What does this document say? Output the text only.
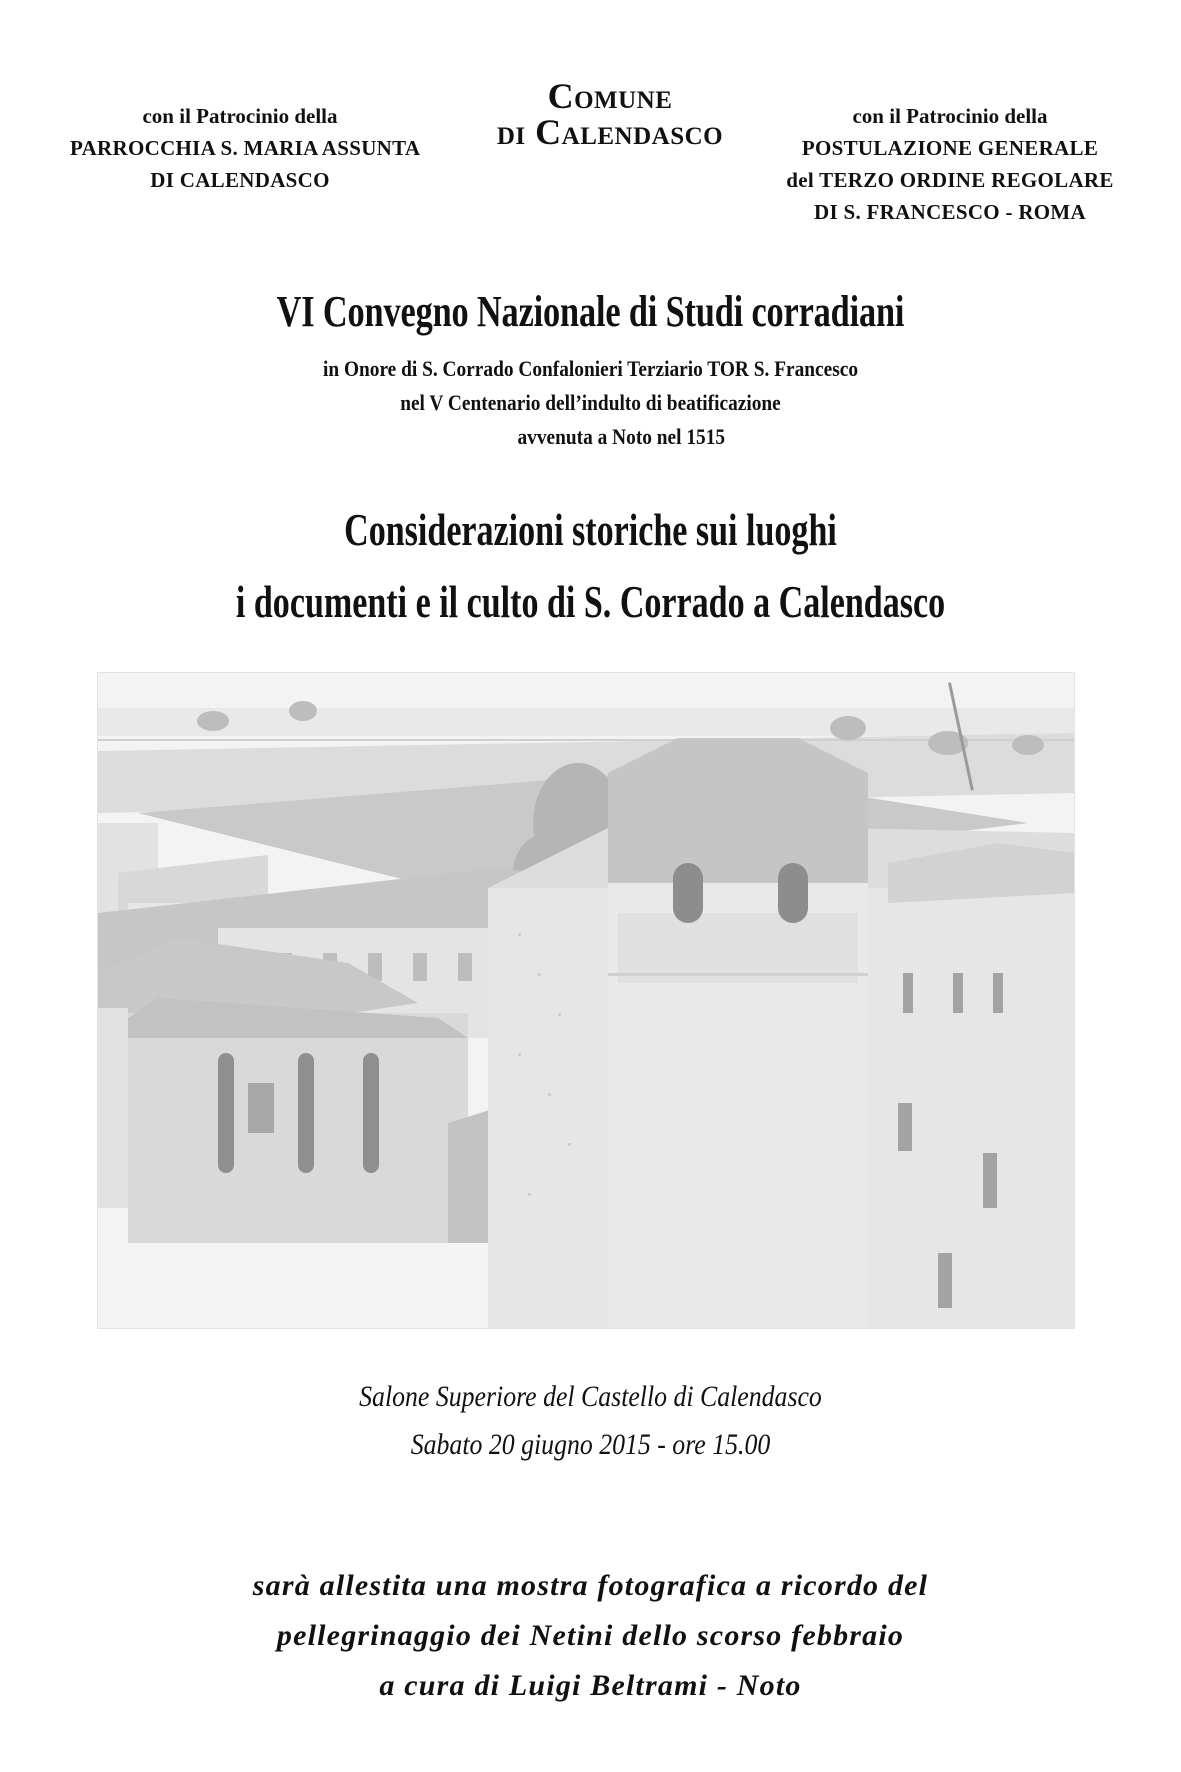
con il Patrocinio della
PARROCCHIA S. MARIA ASSUNTA
DI CALENDASCO
Comune
di Calendasco	con il Patrocinio della
POSTULAZIONE GENERALE
del TERZO ORDINE REGOLARE
DI S. FRANCESCO - ROMA
VI Convegno Nazionale di Studi corradiani
in Onore di S. Corrado Confalonieri Terziario TOR S. Francesco
nel V Centenario dell’indulto di beatificazione
avvenuta a Noto nel 1515
Considerazioni storiche sui luoghi
i documenti e il culto di S. Corrado a Calendasco
Salone Superiore del Castello di Calendasco
Sabato 20 giugno 2015 - ore 15.00
sarà allestita una mostra fotografica a ricordo del
pellegrinaggio dei Netini dello scorso febbraio
a cura di Luigi Beltrami - Noto
